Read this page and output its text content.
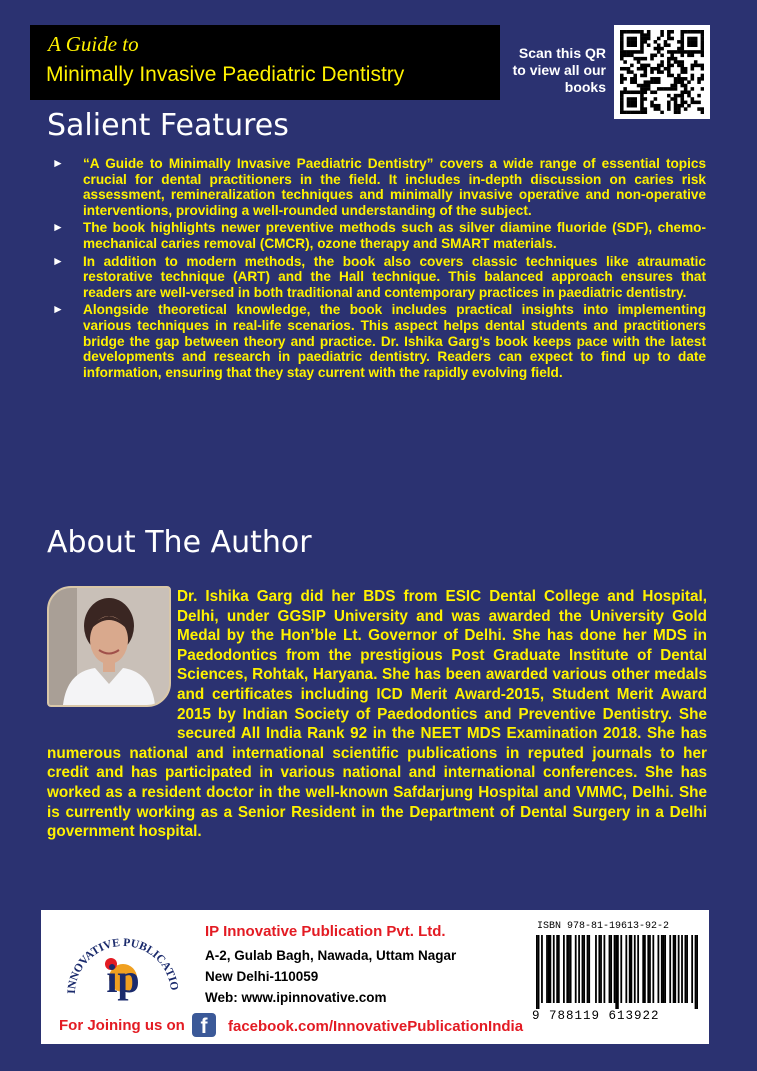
A Guide to
Minimally Invasive Paediatric Dentistry
Scan this QR to view all our books
Salient Features
► “A Guide to Minimally Invasive Paediatric Dentistry” covers a wide range of essential topics crucial for dental practitioners in the field. It includes in-depth discussion on caries risk assessment, remineralization techniques and minimally invasive operative and non-operative interventions, providing a well-rounded understanding of the subject.
► The book highlights newer preventive methods such as silver diamine fluoride (SDF), chemo-mechanical caries removal (CMCR), ozone therapy and SMART materials.
► In addition to modern methods, the book also covers classic techniques like atraumatic restorative technique (ART) and the Hall technique. This balanced approach ensures that readers are well-versed in both traditional and contemporary practices in paediatric dentistry.
► Alongside theoretical knowledge, the book includes practical insights into implementing various techniques in real-life scenarios. This aspect helps dental students and practitioners bridge the gap between theory and practice. Dr. Ishika Garg's book keeps pace with the latest developments and research in paediatric dentistry. Readers can expect to find up to date information, ensuring that they stay current with the rapidly evolving field.
About The Author
Dr. Ishika Garg did her BDS from ESIC Dental College and Hospital, Delhi, under GGSIP University and was awarded the University Gold Medal by the Hon’ble Lt. Governor of Delhi. She has done her MDS in Paedodontics from the prestigious Post Graduate Institute of Dental Sciences, Rohtak, Haryana. She has been awarded various other medals and certificates including ICD Merit Award-2015, Student Merit Award 2015 by Indian Society of Paedodontics and Preventive Dentistry. She secured All India Rank 92 in the NEET MDS Examination 2018. She has numerous national and international scientific publications in reputed journals to her credit and has participated in various national and international conferences. She has worked as a resident doctor in the well-known Safdarjung Hospital and VMMC, Delhi. She is currently working as a Senior Resident in the Department of Dental Surgery in a Delhi government hospital.
INNOVATIVE PUBLICATIO
ip
IP Innovative Publication Pvt. Ltd.
A-2, Gulab Bagh, Nawada, Uttam Nagar
New Delhi-110059
Web: www.ipinnovative.com
For Joining us on f	facebook.com/InnovativePublicationIndia
ISBN 978-81-19613-92-2
9 788119 613922
